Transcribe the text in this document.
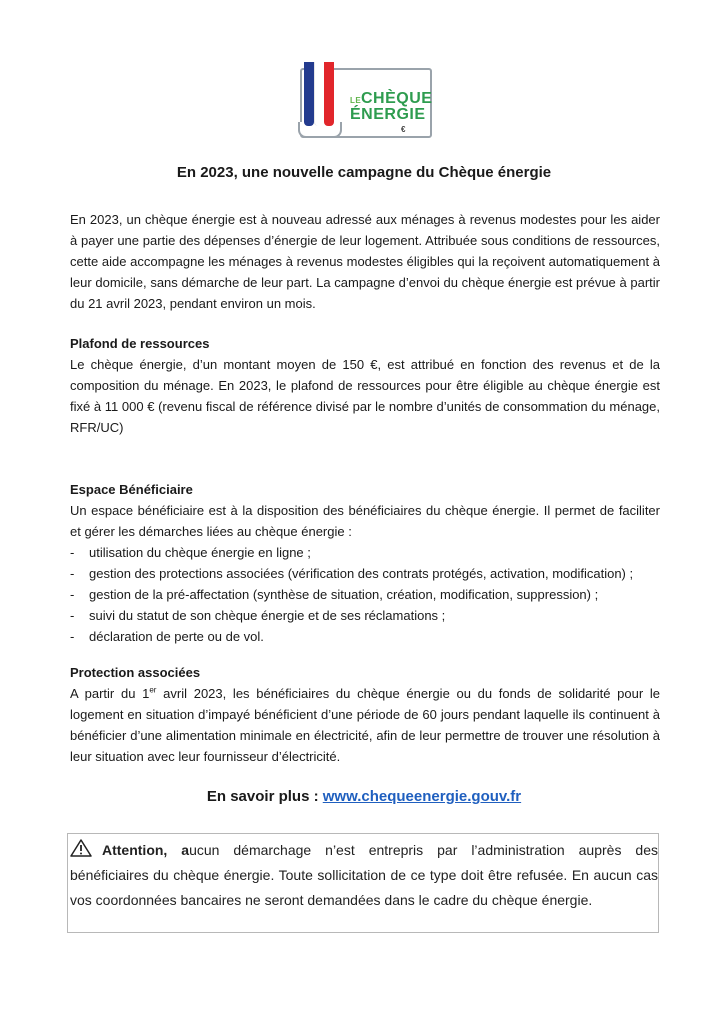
LE CHÈQUE
ÉNERGIE
€
En 2023, une nouvelle campagne du Chèque énergie

En 2023, un chèque énergie est à nouveau adressé aux ménages à revenus modestes pour les aider à payer une partie des dépenses d’énergie de leur logement. Attribuée sous conditions de ressources, cette aide accompagne les ménages à revenus modestes éligibles qui la reçoivent automatiquement à leur domicile, sans démarche de leur part. La campagne d’envoi du chèque énergie est prévue à partir du 21 avril 2023, pendant environ un mois.

Plafond de ressources

Le chèque énergie, d’un montant moyen de 150 €, est attribué en fonction des revenus et de la composition du ménage. En 2023, le plafond de ressources pour être éligible au chèque énergie est fixé à 11 000 € (revenu fiscal de référence divisé par le nombre d’unités de consommation du ménage, RFR/UC)

Espace Bénéficiaire

Un espace bénéficiaire est à la disposition des bénéficiaires du chèque énergie. Il permet de faciliter et gérer les démarches liées au chèque énergie :

- utilisation du chèque énergie en ligne ;
- gestion des protections associées (vérification des contrats protégés, activation, modification) ;
- gestion de la pré-affectation (synthèse de situation, création, modification, suppression) ;
- suivi du statut de son chèque énergie et de ses réclamations ;
- déclaration de perte ou de vol.
Protection associées

A partir du 1er avril 2023, les bénéficiaires du chèque énergie ou du fonds de solidarité pour le logement en situation d’impayé bénéficient d’une période de 60 jours pendant laquelle ils continuent à bénéficier d’une alimentation minimale en électricité, afin de leur permettre de trouver une résolution à leur situation avec leur fournisseur d’électricité.

En savoir plus : www.chequeenergie.gouv.fr

Attention, aucun démarchage n’est entrepris par l’administration auprès des bénéficiaires du chèque énergie. Toute sollicitation de ce type doit être refusée. En aucun cas vos coordonnées bancaires ne seront demandées dans le cadre du chèque énergie.
